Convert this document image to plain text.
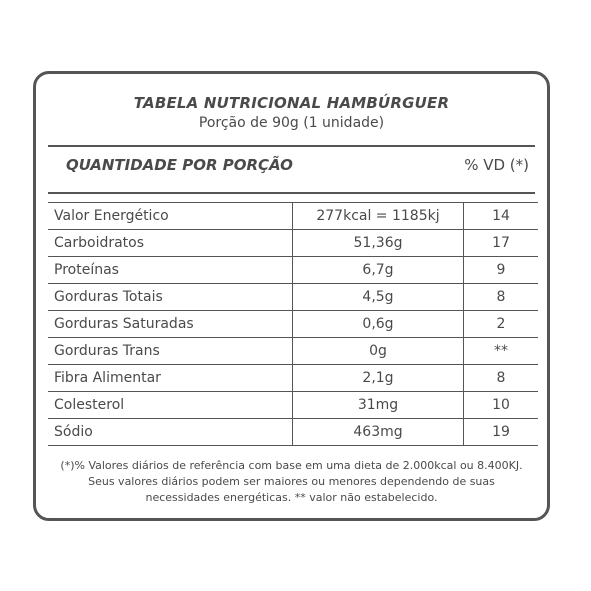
TABELA NUTRICIONAL HAMBÚRGUER
Porção de 90g (1 unidade)
QUANTIDADE POR PORÇÃO	% VD (*)
Valor Energético	277kcal = 1185kj	14
Carboidratos	51,36g	17
Proteínas	6,7g	9
Gorduras Totais	4,5g	8
Gorduras Saturadas	0,6g	2
Gorduras Trans	0g	**
Fibra Alimentar	2,1g	8
Colesterol	31mg	10
Sódio	463mg	19
(*)% Valores diários de referência com base em uma dieta de 2.000kcal ou 8.400KJ. Seus valores diários podem ser maiores ou menores dependendo de suas necessidades energéticas. ** valor não estabelecido.
